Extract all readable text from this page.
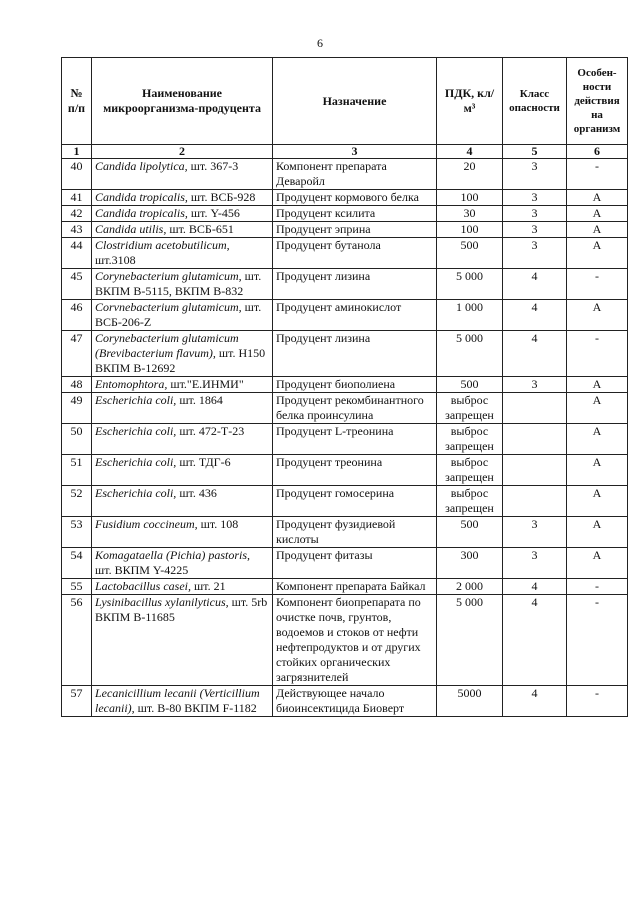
6
№ п/п	Наименование микроорганизма-продуцента	Назначение	ПДК, кл/м³	Класс опасности	Особен-ности действия на организм
1	2	3	4	5	6
40	Candida lipolytica, шт. 367-3	Компонент препарата Деваройл	20	3	-
41	Candida tropicalis, шт. ВСБ-928	Продуцент кормового белка	100	3	А
42	Candida tropicalis, шт. Y-456	Продуцент ксилита	30	3	А
43	Candida utilis, шт. ВСБ-651	Продуцент эприна	100	3	А
44	Clostridium acetobutilicum, шт.3108	Продуцент бутанола	500	3	А
45	Corynebacterium glutamicum, шт. ВКПМ В-5115, ВКПМ В-832	Продуцент лизина	5 000	4	-
46	Corvnebacterium glutamicum, шт. ВСБ-206-Z	Продуцент аминокислот	1 000	4	А
47	Corynebacterium glutamicum (Brevibacterium flavum), шт. Н150 ВКПМ В-12692	Продуцент лизина	5 000	4	-
48	Entomophtora, шт."Е.ИНМИ"	Продуцент биополиена	500	3	А
49	Escherichia coli, шт. 1864	Продуцент рекомбинантного белка проинсулина	выброс запрещен		А
50	Escherichia coli, шт. 472-Т-23	Продуцент L-треонина	выброс запрещен		А
51	Escherichia coli, шт. ТДГ-6	Продуцент треонина	выброс запрещен		А
52	Escherichia coli, шт. 436	Продуцент гомосерина	выброс запрещен		А
53	Fusidium coccineum, шт. 108	Продуцент фузидиевой кислоты	500	3	А
54	Komagataella (Pichia) pastoris, шт. ВКПМ Y-4225	Продуцент фитазы	300	3	А
55	Lactobacillus casei, шт. 21	Компонент препарата Байкал	2 000	4	-
56	Lysinibacillus xylanilyticus, шт. 5rb ВКПМ В-11685	Компонент биопрепарата по очистке почв, грунтов, водоемов и стоков от нефти нефтепродуктов и от других стойких органических загрязнителей	5 000	4	-
57	Lecanicillium lecanii (Verticillium lecanii), шт. В-80 ВКПМ F-1182	Действующее начало биоинсектицида Биоверт	5000	4	-
